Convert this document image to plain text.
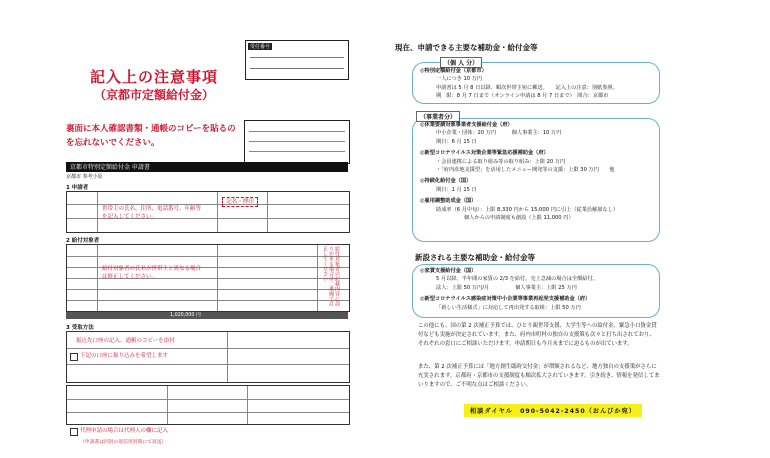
受付番号
記入上の注意事項
（京都市定額給付金）
裏面に本人確認書類・通帳のコピーを貼るのを忘れないでください。
京都市特別定額給付金 申請書
京都市 参考小原
1 申請者
世帯主の氏名、住所、電話番号、年齢等を記入してください。
記名・押印
2 給付対象者
給付対象者の氏名が世帯主と異なる場合は修正してください。	給付対象者の記載内容に誤りがある場合は二重線で訂正してください
1,020,000 円
3 受取方法
振込先口座の記入、通帳のコピーを添付
下記の口座に振り込みを希望します
代理申請の場合は代理人の欄に記入
（申請書は同封の返信用封筒にて返送）
現在、申請できる主要な補助金・給付金等
（個 人 分）
◎特別定額給付金（京都市）
一人につき 10 万円
申請書は 5 月 8 日以降、順次世帯主宛に郵送。　　記入上の注意：別紙参照。
期　限：8 月 7 日まで（オンライン申請は 8 月 7 日まで）　問合：京都市
（事業者分）
◎休業要請対象事業者支援給付金（府）
中小企業・団体：20 万円　　　個人事業主：10 万円
期日：6 月 15 日
◎新型コロナウイルス対策企業等緊急応援補助金（府）
・会員連携による取り組み等の取り組み：上限 20 万円
・「府内産地支援型」を活用したメニュー開発等の支援：上限 30 万円　　他
◎持続化給付金（国）
期日：1 月 15 日
◎雇用調整助成金（国）
助成率（6 月中旬）：上限 8,330 円から 15,000 円に引上（従業員解雇なし）
個人からの申請制度も創設（上限 11,000 円）
新設される主要な補助金・給付金等
◎家賃支援給付金（国）
5 月以降、半年間の家賃の 2/3 を給付。売上急減の場合は全額給付。
法人：上限 50 万円/月　　　　　個人事業主：上限 25 万円
◎新型コロナウイルス感染症対策中小企業等事業再起発支援補助金（府）
「新しい生活様式」に対応して再出発する取組：上限 50 万円
この他にも、国の第 2 次補正予算では、ひとり親世帯支援、大学生等への給付金、緊急小口資金貸付なども実施が決定されています。また、府内市町村の独自の支援策も次々と打ち出されており、それぞれの窓口にご相談いただけます。申請期日も今月末までに迫るものが出ています。
また、第 2 次補正予算には「地方創生臨時交付金」が増額されるなど、地方独自の支援策がさらに充実されます。京都府・京都市の支援制度も順次拡大されていきます。引き続き、情報を発信してまいりますので、ご不明な点はご相談ください。
相談ダイヤル　090-5042-2450（おんびか宛）
